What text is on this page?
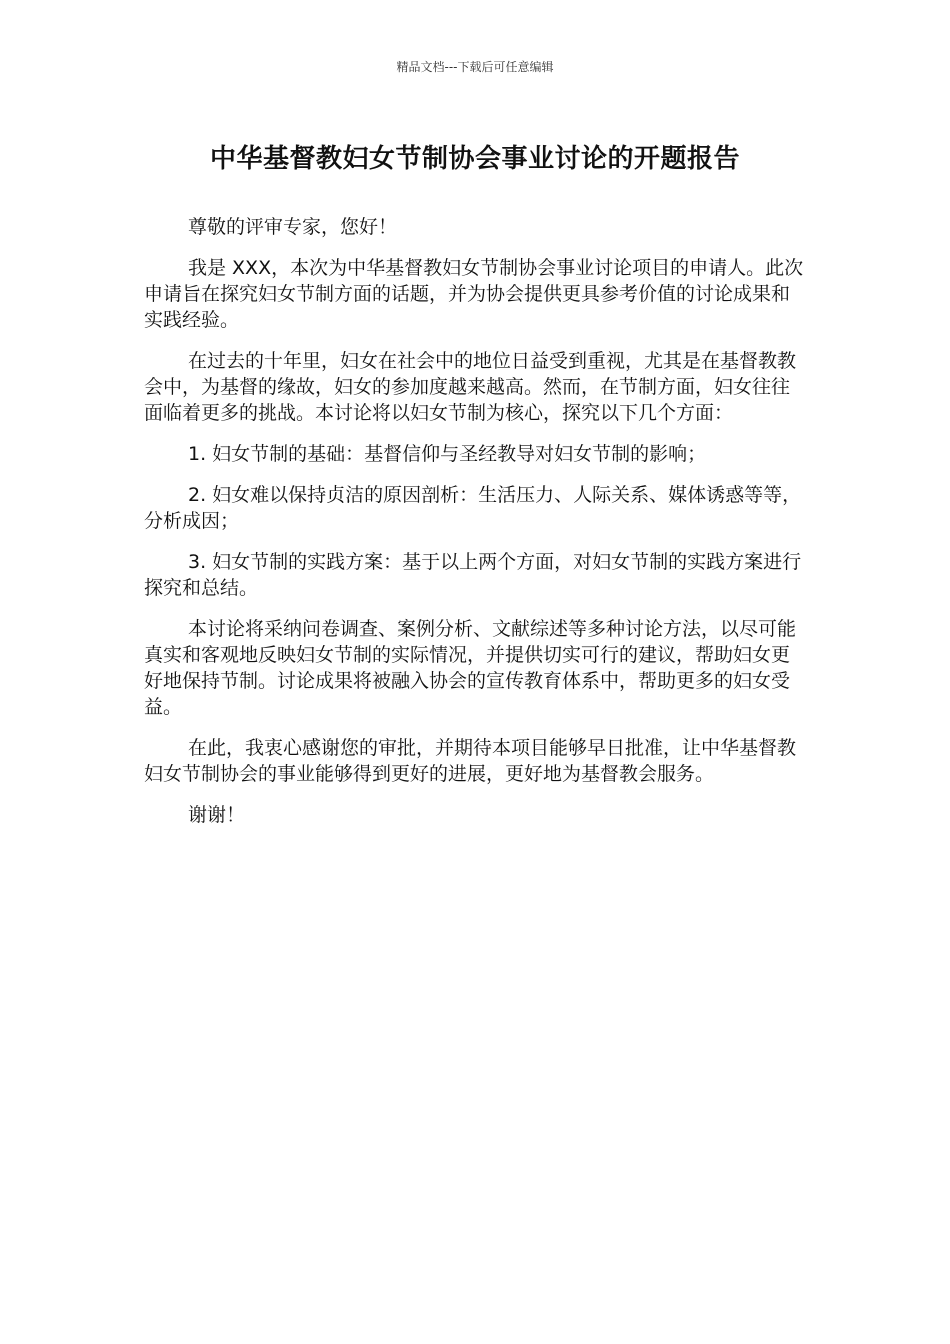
精品文档---下载后可任意编辑
中华基督教妇女节制协会事业讨论的开题报告

尊敬的评审专家，您好！

我是 XXX，本次为中华基督教妇女节制协会事业讨论项目的申请人。此次申请旨在探究妇女节制方面的话题，并为协会提供更具参考价值的讨论成果和实践经验。

在过去的十年里，妇女在社会中的地位日益受到重视，尤其是在基督教教会中，为基督的缘故，妇女的参加度越来越高。然而，在节制方面，妇女往往面临着更多的挑战。本讨论将以妇女节制为核心，探究以下几个方面：

1. 妇女节制的基础：基督信仰与圣经教导对妇女节制的影响；

2. 妇女难以保持贞洁的原因剖析：生活压力、人际关系、媒体诱惑等等，分析成因；

3. 妇女节制的实践方案：基于以上两个方面，对妇女节制的实践方案进行探究和总结。

本讨论将采纳问卷调查、案例分析、文献综述等多种讨论方法，以尽可能真实和客观地反映妇女节制的实际情况，并提供切实可行的建议，帮助妇女更好地保持节制。讨论成果将被融入协会的宣传教育体系中，帮助更多的妇女受益。

在此，我衷心感谢您的审批，并期待本项目能够早日批准，让中华基督教妇女节制协会的事业能够得到更好的进展，更好地为基督教会服务。

谢谢！
